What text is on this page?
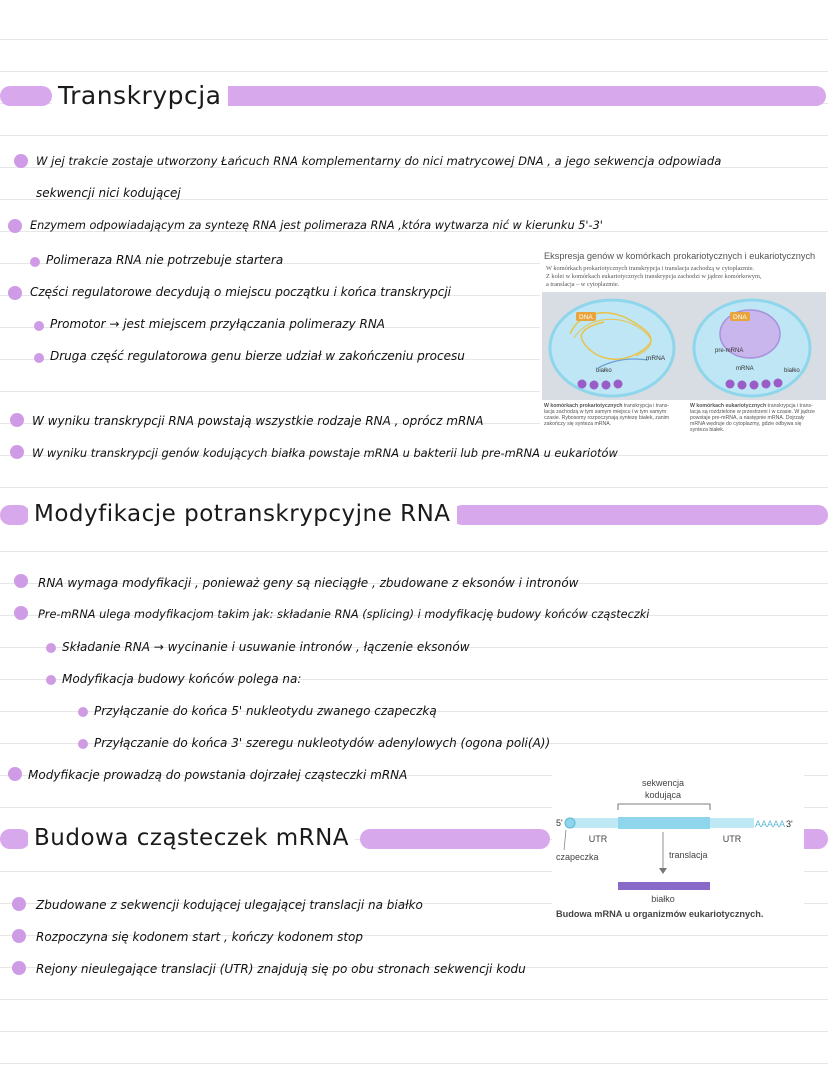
Transkrypcja
W jej trakcie zostaje utworzony Łańcuch RNA komplementarny do nici matrycowej DNA , a jego sekwencja odpowiada
sekwencji nici kodującej
Enzymem odpowiadającym za syntezę RNA jest polimeraza RNA ,która wytwarza nić w kierunku 5'-3'
Polimeraza RNA nie potrzebuje startera
Części regulatorowe decydują o miejscu początku i końca transkrypcji
Promotor → jest miejscem przyłączania polimerazy RNA
Druga część regulatorowa genu bierze udział w zakończeniu procesu
W wyniku transkrypcji RNA powstają wszystkie rodzaje RNA , oprócz mRNA
W wyniku transkrypcji genów kodujących białka powstaje mRNA u bakterii lub pre-mRNA u eukariotów
Ekspresja genów w komórkach prokariotycznych i eukariotycznych
W komórkach prokariotycznych transkrypcja i translacja zachodzą w cytoplazmie.
Z kolei w komórkach eukariotycznych transkrypcja zachodzi w jądrze komórkowym,
a translacja – w cytoplazmie.
DNA
mRNA
białko
DNA
pre-mRNA
mRNA	białko
W komórkach prokariotycznych transkrypcja i trans-
lacja zachodzą w tym samym miejscu i w tym samym
czasie. Rybosomy rozpoczynają syntezę białek, zanim
zakończy się synteza mRNA.
W komórkach eukariotycznych transkrypcja i trans-
lacja są rozdzielone w przestrzeni i w czasie. W jądrze
powstaje pre-mRNA, a następnie mRNA. Dojrzały
mRNA wędruje do cytoplazmy, gdzie odbywa się
synteza białek.
Modyfikacje potranskrypcyjne RNA
RNA wymaga modyfikacji , ponieważ geny są nieciągłe , zbudowane z eksonów i intronów
Pre-mRNA ulega modyfikacjom takim jak: składanie RNA (splicing) i modyfikację budowy końców cząsteczki
Składanie RNA → wycinanie i usuwanie intronów , łączenie eksonów
Modyfikacja budowy końców polega na:
Przyłączanie do końca 5' nukleotydu zwanego czapeczką
Przyłączanie do końca 3' szeregu nukleotydów adenylowych (ogona poli(A))
Modyfikacje prowadzą do powstania dojrzałej cząsteczki mRNA
Budowa cząsteczek mRNA
sekwencja
kodująca
5'	AAAAA 3'
UTR	UTR
czapeczka	translacja
białko
Budowa mRNA u organizmów eukariotycznych.
Zbudowane z sekwencji kodującej ulegającej translacji na białko
Rozpoczyna się kodonem start , kończy kodonem stop
Rejony nieulegające translacji (UTR) znajdują się po obu stronach sekwencji kodu
